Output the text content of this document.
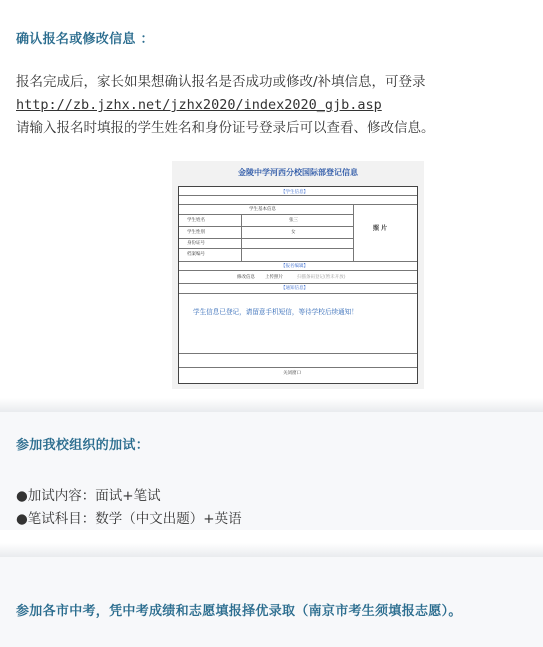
确认报名或修改信息 ：
报名完成后，家长如果想确认报名是否成功或修改/补填信息，可登录
http://zb.jzhx.net/jzhx2020/index2020_gjb.asp
请输入报名时填报的学生姓名和身份证号登录后可以查看、修改信息。
金陵中学河西分校国际部登记信息
【学生信息】
学生基本信息
学生姓名
学生性别
身份证号
档案编号
张三
女
照 片
【报名编辑】
修改信息 上传照片	扫描条码登记(暂未开放)
【通知信息】
学生信息已登记，请留意手机短信，等待学校后续通知！
关闭窗口
参加我校组织的加试：
●加试内容：面试+笔试
●笔试科目：数学（中文出题）+英语
参加各市中考，凭中考成绩和志愿填报择优录取（南京市考生须填报志愿）。
